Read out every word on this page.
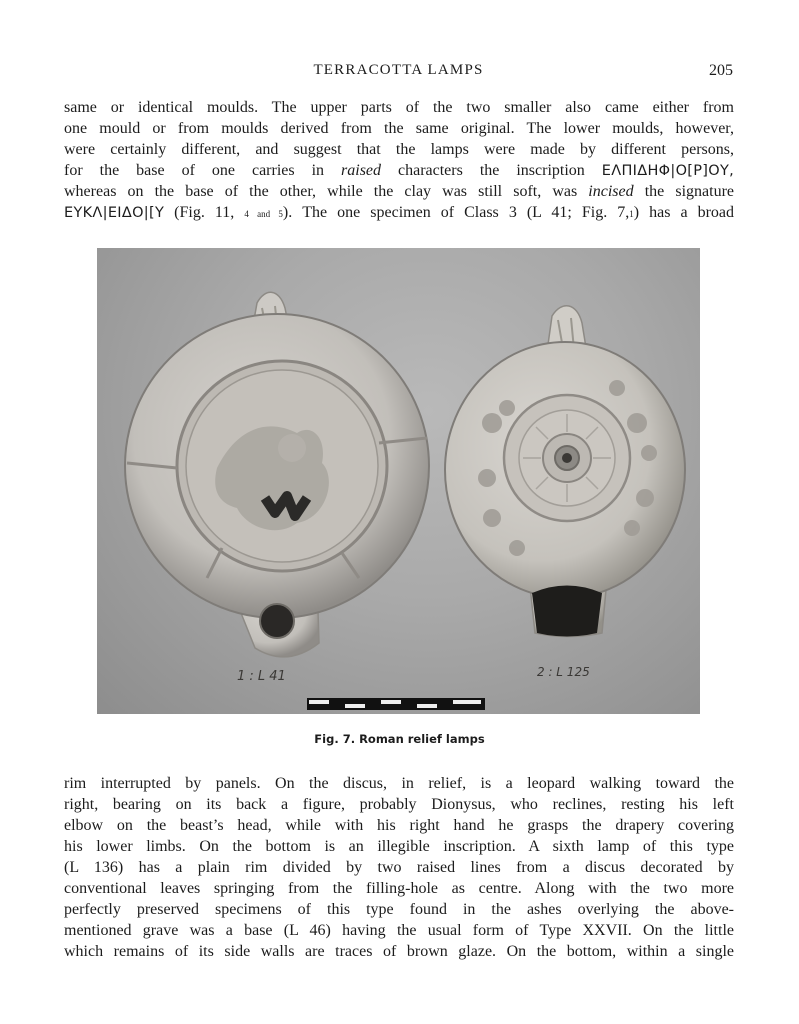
TERRACOTTA LAMPS	205
same or identical moulds. The upper parts of the two smaller also came either from
one mould or from moulds derived from the same original. The lower moulds, however,
were certainly different, and suggest that the lamps were made by different persons,
for the base of one carries in raised characters the inscription ΕΛΠΙΔΗΦ|Ο[Ρ]ΟΥ,
whereas on the base of the other, while the clay was still soft, was incised the signature
ΕΥΚΛ|ΕΙΔΟ|[Υ (Fig. 11, 4 and 5). The one specimen of Class 3 (L 41; Fig. 7,1) has a broad
1 : L 41	2 : L 125
Fig. 7. Roman relief lamps
rim interrupted by panels. On the discus, in relief, is a leopard walking toward the
right, bearing on its back a figure, probably Dionysus, who reclines, resting his left
elbow on the beast’s head, while with his right hand he grasps the drapery covering
his lower limbs. On the bottom is an illegible inscription. A sixth lamp of this type
(L 136) has a plain rim divided by two raised lines from a discus decorated by
conventional leaves springing from the filling-hole as centre. Along with the two more
perfectly preserved specimens of this type found in the ashes overlying the above-
mentioned grave was a base (L 46) having the usual form of Type XXVII. On the little
which remains of its side walls are traces of brown glaze. On the bottom, within a single
